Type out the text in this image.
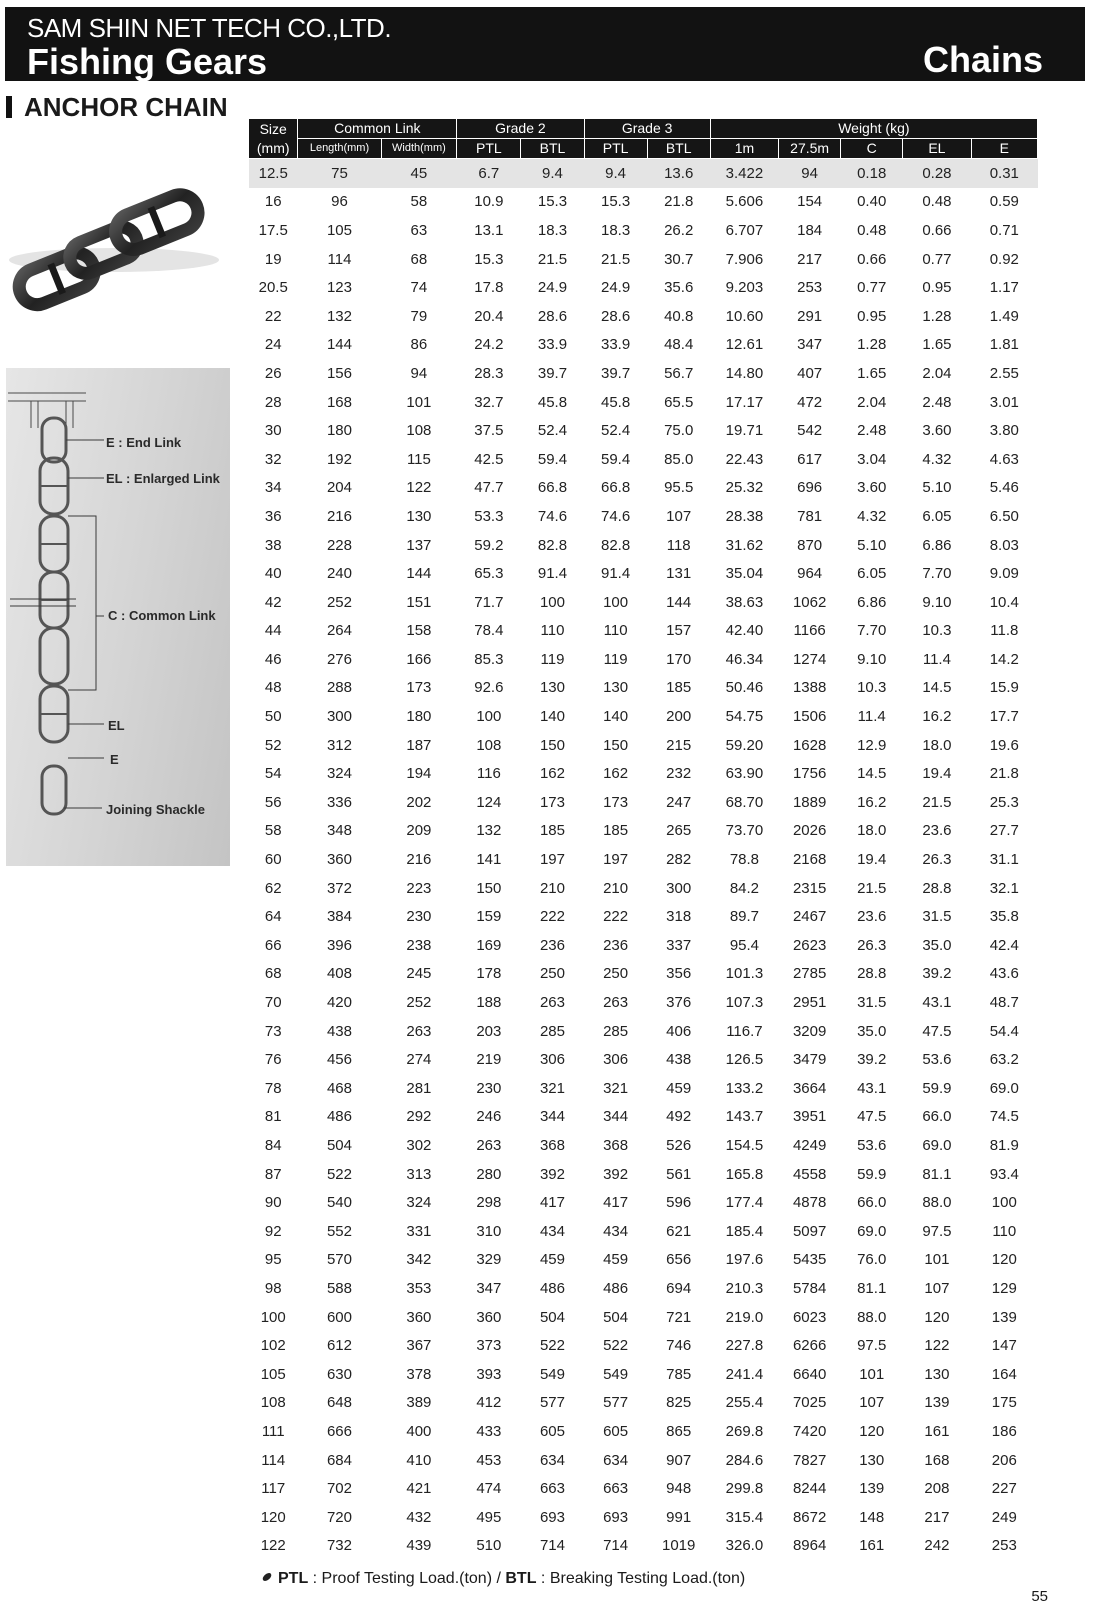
SAM SHIN NET TECH CO.,LTD.
Fishing Gears	Chains
ANCHOR CHAIN
E : End Link
EL : Enlarged Link
C : Common Link
EL
E
Joining Shackle
Size
(mm)	Common Link		Grade 2		Grade 3		Weight (kg)				
	Length(mm)	Width(mm)	PTL	BTL	PTL	BTL	1m	27.5m	C	EL	E
12.5	75	45	6.7	9.4	9.4	13.6	3.422	94	0.18	0.28	0.31
16	96	58	10.9	15.3	15.3	21.8	5.606	154	0.40	0.48	0.59
17.5	105	63	13.1	18.3	18.3	26.2	6.707	184	0.48	0.66	0.71
19	114	68	15.3	21.5	21.5	30.7	7.906	217	0.66	0.77	0.92
20.5	123	74	17.8	24.9	24.9	35.6	9.203	253	0.77	0.95	1.17
22	132	79	20.4	28.6	28.6	40.8	10.60	291	0.95	1.28	1.49
24	144	86	24.2	33.9	33.9	48.4	12.61	347	1.28	1.65	1.81
26	156	94	28.3	39.7	39.7	56.7	14.80	407	1.65	2.04	2.55
28	168	101	32.7	45.8	45.8	65.5	17.17	472	2.04	2.48	3.01
30	180	108	37.5	52.4	52.4	75.0	19.71	542	2.48	3.60	3.80
32	192	115	42.5	59.4	59.4	85.0	22.43	617	3.04	4.32	4.63
34	204	122	47.7	66.8	66.8	95.5	25.32	696	3.60	5.10	5.46
36	216	130	53.3	74.6	74.6	107	28.38	781	4.32	6.05	6.50
38	228	137	59.2	82.8	82.8	118	31.62	870	5.10	6.86	8.03
40	240	144	65.3	91.4	91.4	131	35.04	964	6.05	7.70	9.09
42	252	151	71.7	100	100	144	38.63	1062	6.86	9.10	10.4
44	264	158	78.4	110	110	157	42.40	1166	7.70	10.3	11.8
46	276	166	85.3	119	119	170	46.34	1274	9.10	11.4	14.2
48	288	173	92.6	130	130	185	50.46	1388	10.3	14.5	15.9
50	300	180	100	140	140	200	54.75	1506	11.4	16.2	17.7
52	312	187	108	150	150	215	59.20	1628	12.9	18.0	19.6
54	324	194	116	162	162	232	63.90	1756	14.5	19.4	21.8
56	336	202	124	173	173	247	68.70	1889	16.2	21.5	25.3
58	348	209	132	185	185	265	73.70	2026	18.0	23.6	27.7
60	360	216	141	197	197	282	78.8	2168	19.4	26.3	31.1
62	372	223	150	210	210	300	84.2	2315	21.5	28.8	32.1
64	384	230	159	222	222	318	89.7	2467	23.6	31.5	35.8
66	396	238	169	236	236	337	95.4	2623	26.3	35.0	42.4
68	408	245	178	250	250	356	101.3	2785	28.8	39.2	43.6
70	420	252	188	263	263	376	107.3	2951	31.5	43.1	48.7
73	438	263	203	285	285	406	116.7	3209	35.0	47.5	54.4
76	456	274	219	306	306	438	126.5	3479	39.2	53.6	63.2
78	468	281	230	321	321	459	133.2	3664	43.1	59.9	69.0
81	486	292	246	344	344	492	143.7	3951	47.5	66.0	74.5
84	504	302	263	368	368	526	154.5	4249	53.6	69.0	81.9
87	522	313	280	392	392	561	165.8	4558	59.9	81.1	93.4
90	540	324	298	417	417	596	177.4	4878	66.0	88.0	100
92	552	331	310	434	434	621	185.4	5097	69.0	97.5	110
95	570	342	329	459	459	656	197.6	5435	76.0	101	120
98	588	353	347	486	486	694	210.3	5784	81.1	107	129
100	600	360	360	504	504	721	219.0	6023	88.0	120	139
102	612	367	373	522	522	746	227.8	6266	97.5	122	147
105	630	378	393	549	549	785	241.4	6640	101	130	164
108	648	389	412	577	577	825	255.4	7025	107	139	175
111	666	400	433	605	605	865	269.8	7420	120	161	186
114	684	410	453	634	634	907	284.6	7827	130	168	206
117	702	421	474	663	663	948	299.8	8244	139	208	227
120	720	432	495	693	693	991	315.4	8672	148	217	249
122	732	439	510	714	714	1019	326.0	8964	161	242	253
PTL : Proof Testing Load.(ton) / BTL : Breaking Testing Load.(ton)
55
